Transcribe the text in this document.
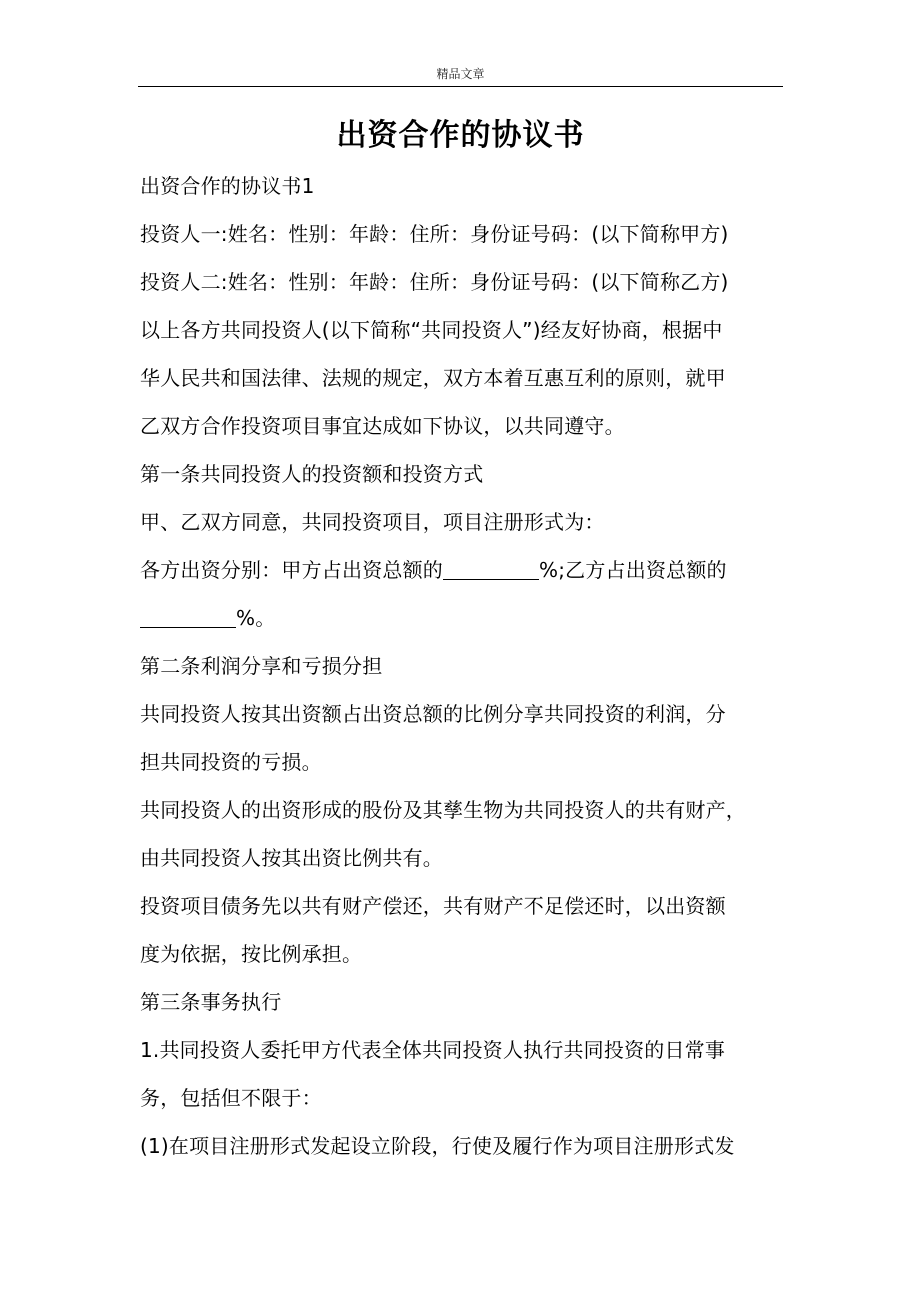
精品文章
出资合作的协议书
出资合作的协议书1
投资人一:姓名：性别：年龄：住所：身份证号码：(以下简称甲方)
投资人二:姓名：性别：年龄：住所：身份证号码：(以下简称乙方)
以上各方共同投资人(以下简称“共同投资人”)经友好协商，根据中
华人民共和国法律、法规的规定，双方本着互惠互利的原则，就甲
乙双方合作投资项目事宜达成如下协议，以共同遵守。
第一条共同投资人的投资额和投资方式
甲、乙双方同意，共同投资项目，项目注册形式为：
各方出资分别：甲方占出资总额的	%;乙方占出资总额的
%。
第二条利润分享和亏损分担
共同投资人按其出资额占出资总额的比例分享共同投资的利润，分
担共同投资的亏损。
共同投资人的出资形成的股份及其孳生物为共同投资人的共有财产，
由共同投资人按其出资比例共有。
投资项目债务先以共有财产偿还，共有财产不足偿还时，以出资额
度为依据，按比例承担。
第三条事务执行
1.共同投资人委托甲方代表全体共同投资人执行共同投资的日常事
务，包括但不限于：
(1)在项目注册形式发起设立阶段，行使及履行作为项目注册形式发
